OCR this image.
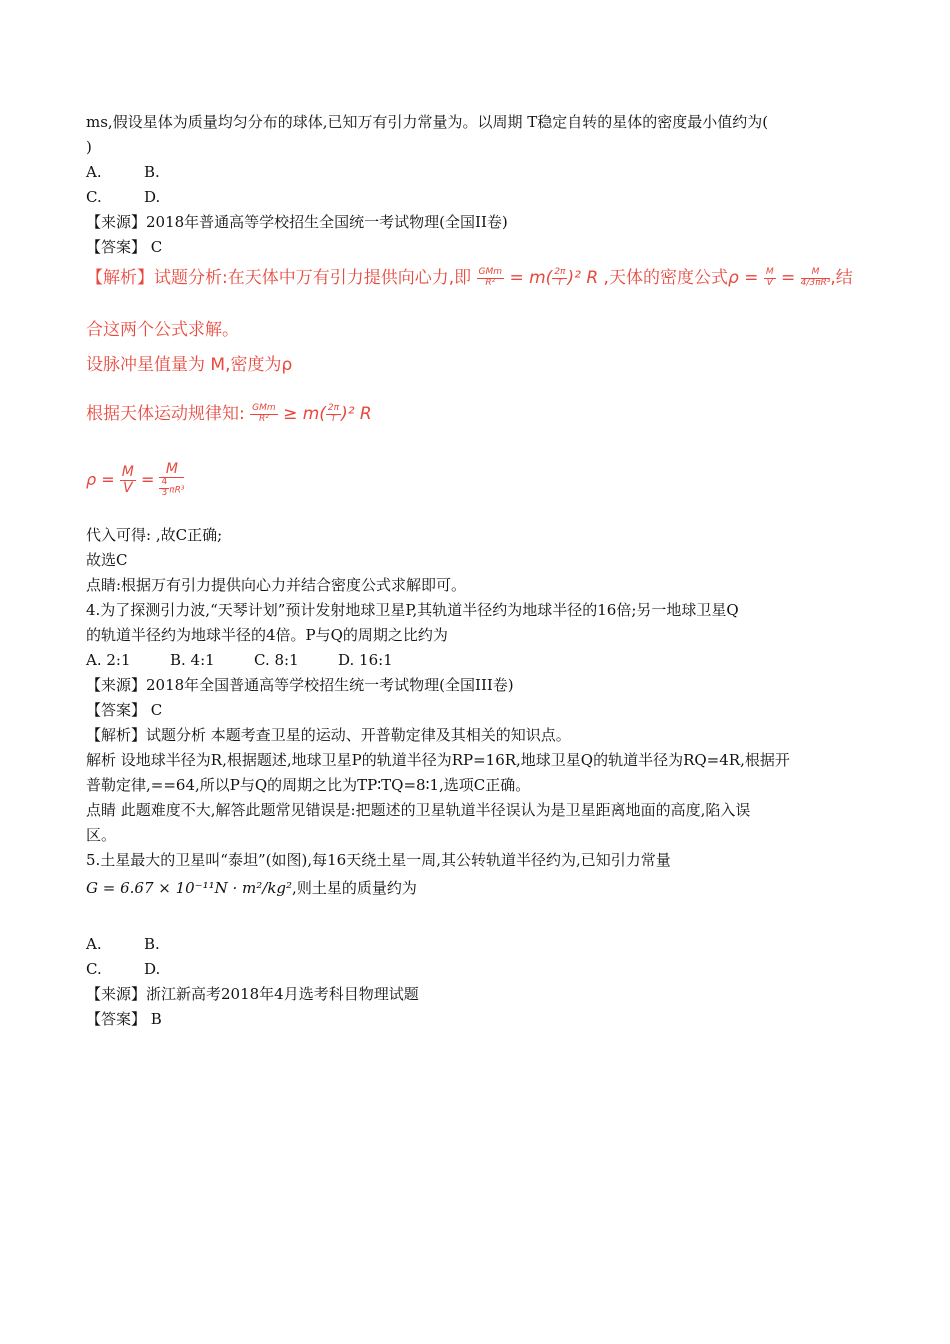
ms,假设星体为质量均匀分布的球体,已知万有引力常量为。以周期 T稳定自转的星体的密度最小值约为(
)
A.	B.
C.	D.
【来源】2018年普通高等学校招生全国统一考试物理(全国II卷)
【答案】 C
【解析】试题分析:在天体中万有引力提供向心力,即 $\frac{\text{GMm}}{\text{R²}} = m( \frac{2\pi}{T} )^2$ R ,天体的密度公式$\rho = \frac{M}{V} = \frac{M}{\text{4/3πR³}}$ ,结
合这两个公式求解。
设脉冲星值量为 M,密度为ρ
根据天体运动规律知: $\frac{\text{GMm}}{\text{R²}} \ge m( \frac{2\pi}{T} )^2$ R
$\rho = \frac{M}{V} = \frac{M}{\frac{4}{3} \pi R^3}$
代入可得: ,故C正确;
故选C
点睛:根据万有引力提供向心力并结合密度公式求解即可。
4.为了探测引力波,“天琴计划”预计发射地球卫星P,其轨道半径约为地球半径的16倍;另一地球卫星Q
的轨道半径约为地球半径的4倍。P与Q的周期之比约为
A. 2:1	B. 4:1	C. 8:1	D. 16:1
【来源】2018年全国普通高等学校招生统一考试物理(全国III卷)
【答案】 C
【解析】试题分析 本题考查卫星的运动、开普勒定律及其相关的知识点。
解析 设地球半径为R,根据题述,地球卫星P的轨道半径为RP=16R,地球卫星Q的轨道半径为RQ=4R,根据开
普勒定律,==64,所以P与Q的周期之比为TP∶TQ=8∶1,选项C正确。
点睛 此题难度不大,解答此题常见错误是:把题述的卫星轨道半径误认为是卫星距离地面的高度,陷入误
区。
5.土星最大的卫星叫“泰坦”(如图),每16天绕土星一周,其公转轨道半径约为,已知引力常量
G = 6.67 × 10⁻¹¹N · m²/kg²,则土星的质量约为
A.	B.
C.	D.
【来源】浙江新高考2018年4月选考科目物理试题
【答案】 B
